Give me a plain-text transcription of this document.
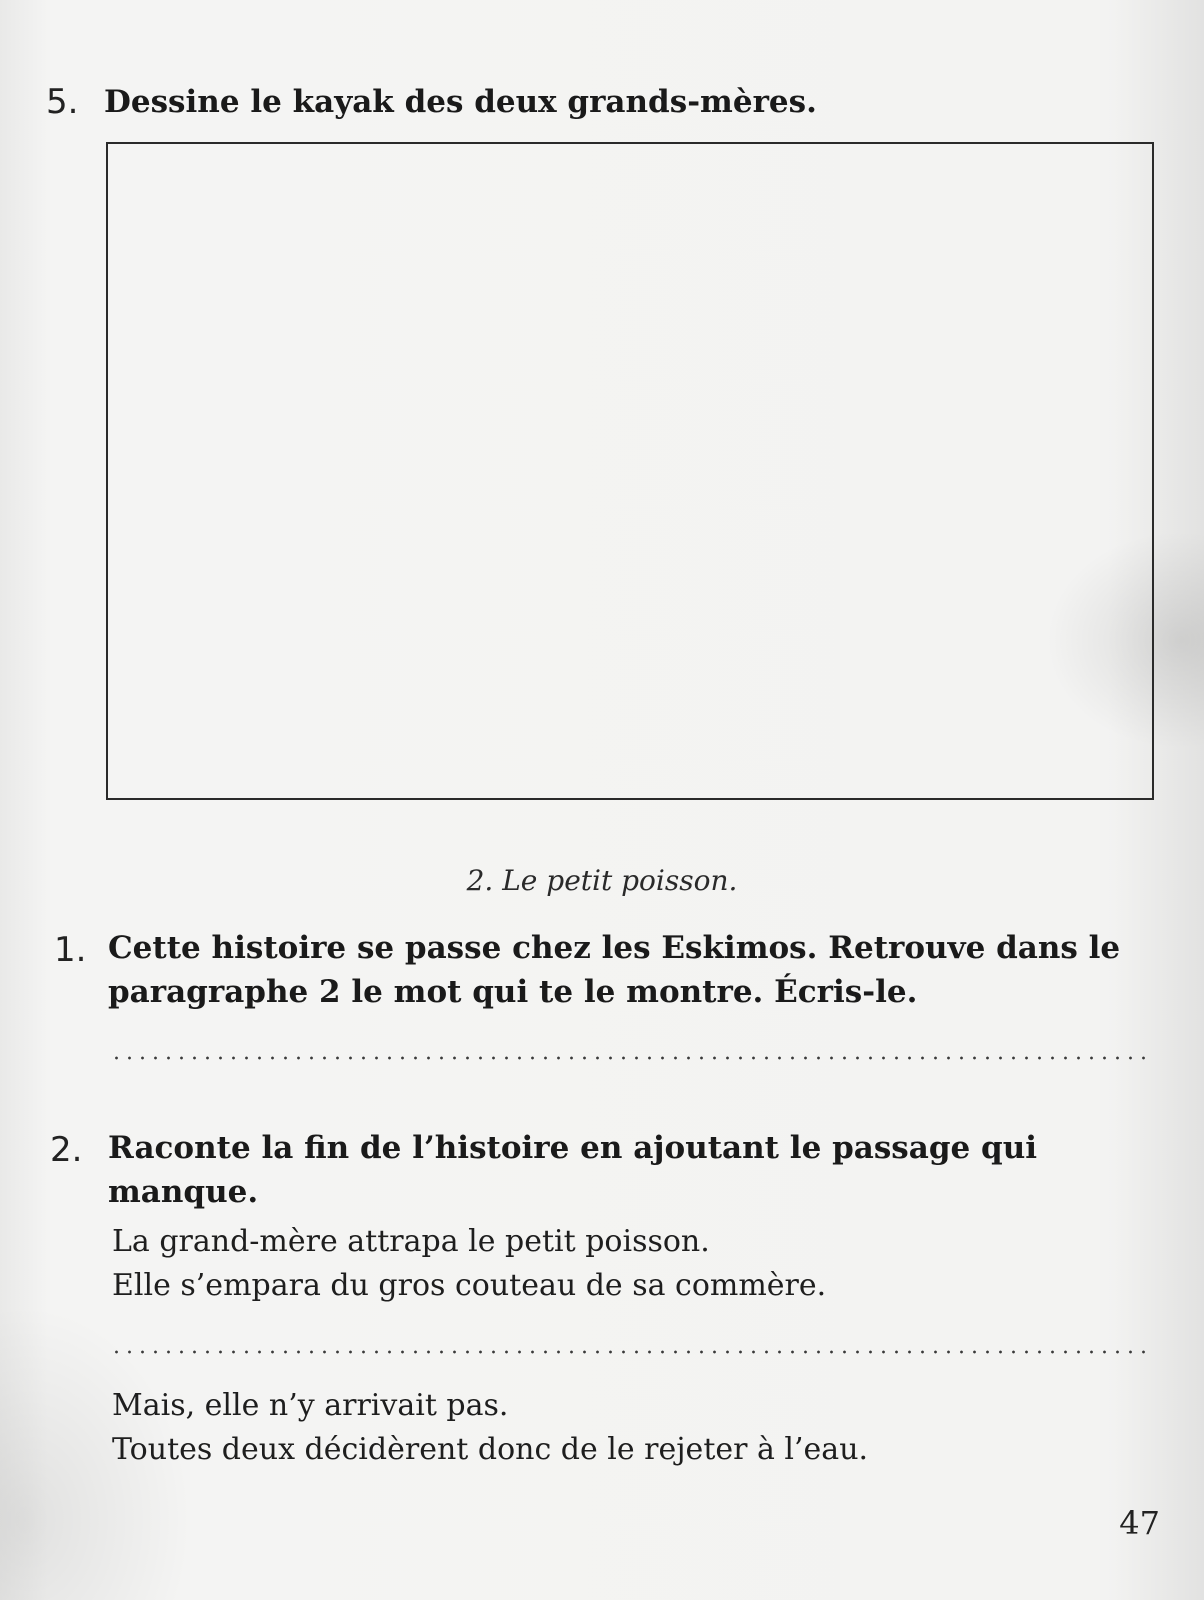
5. Dessine le kayak des deux grands-mères.
2. Le petit poisson.
1. Cette histoire se passe chez les Eskimos. Retrouve dans le
paragraphe 2 le mot qui te le montre. Écris-le.
2. Raconte la fin de l’histoire en ajoutant le passage qui
manque.
La grand-mère attrapa le petit poisson.
Elle s’empara du gros couteau de sa commère.
Mais, elle n’y arrivait pas.
Toutes deux décidèrent donc de le rejeter à l’eau.
47
